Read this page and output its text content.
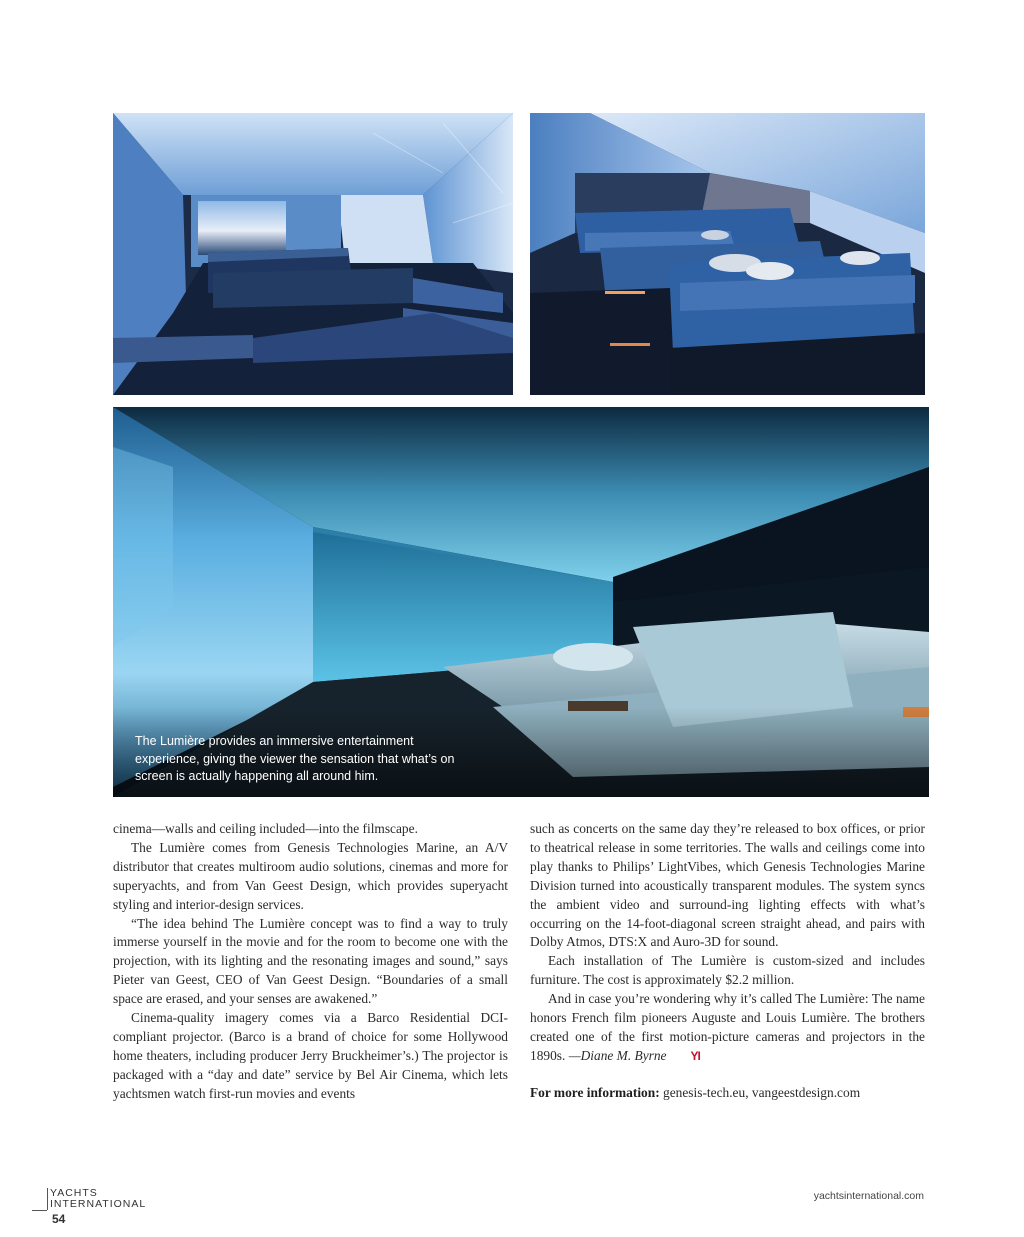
The Lumière provides an immersive entertainment
experience, giving the viewer the sensation that what’s on
screen is actually happening all around him.

cinema—walls and ceiling included—into the filmscape.

The Lumière comes from Genesis Technologies Marine, an A/V distributor that creates multiroom audio solutions, cinemas and more for superyachts, and from Van Geest Design, which provides superyacht styling and interior-design services.

“The idea behind The Lumière concept was to find a way to truly immerse yourself in the movie and for the room to become one with the projection, with its lighting and the resonating images and sound,” says Pieter van Geest, CEO of Van Geest Design. “Boundaries of a small space are erased, and your senses are awakened.”

Cinema-quality imagery comes via a Barco Residential DCI-compliant projector. (Barco is a brand of choice for some Hollywood home theaters, including producer Jerry Bruckheimer’s.) The projector is packaged with a “day and date” service by Bel Air Cinema, which lets yachtsmen watch first-run movies and events

such as concerts on the same day they’re released to box offices, or prior to theatrical release in some territories. The walls and ceilings come into play thanks to Philips’ LightVibes, which Genesis Technologies Marine Division turned into acoustically transparent modules. The system syncs the ambient video and surround-ing lighting effects with what’s occurring on the 14-foot-diagonal screen straight ahead, and pairs with Dolby Atmos, DTS:X and Auro-3D for sound.

Each installation of The Lumière is custom-sized and includes furniture. The cost is approximately $2.2 million.

And in case you’re wondering why it’s called The Lumière: The name honors French film pioneers Auguste and Louis Lumière. The brothers created one of the first motion-picture cameras and projectors in the 1890s. —Diane M. Byrne YI

For more information: genesis-tech.eu, vangeestdesign.com

YACHTS
INTERNATIONAL
54
yachtsinternational.com
